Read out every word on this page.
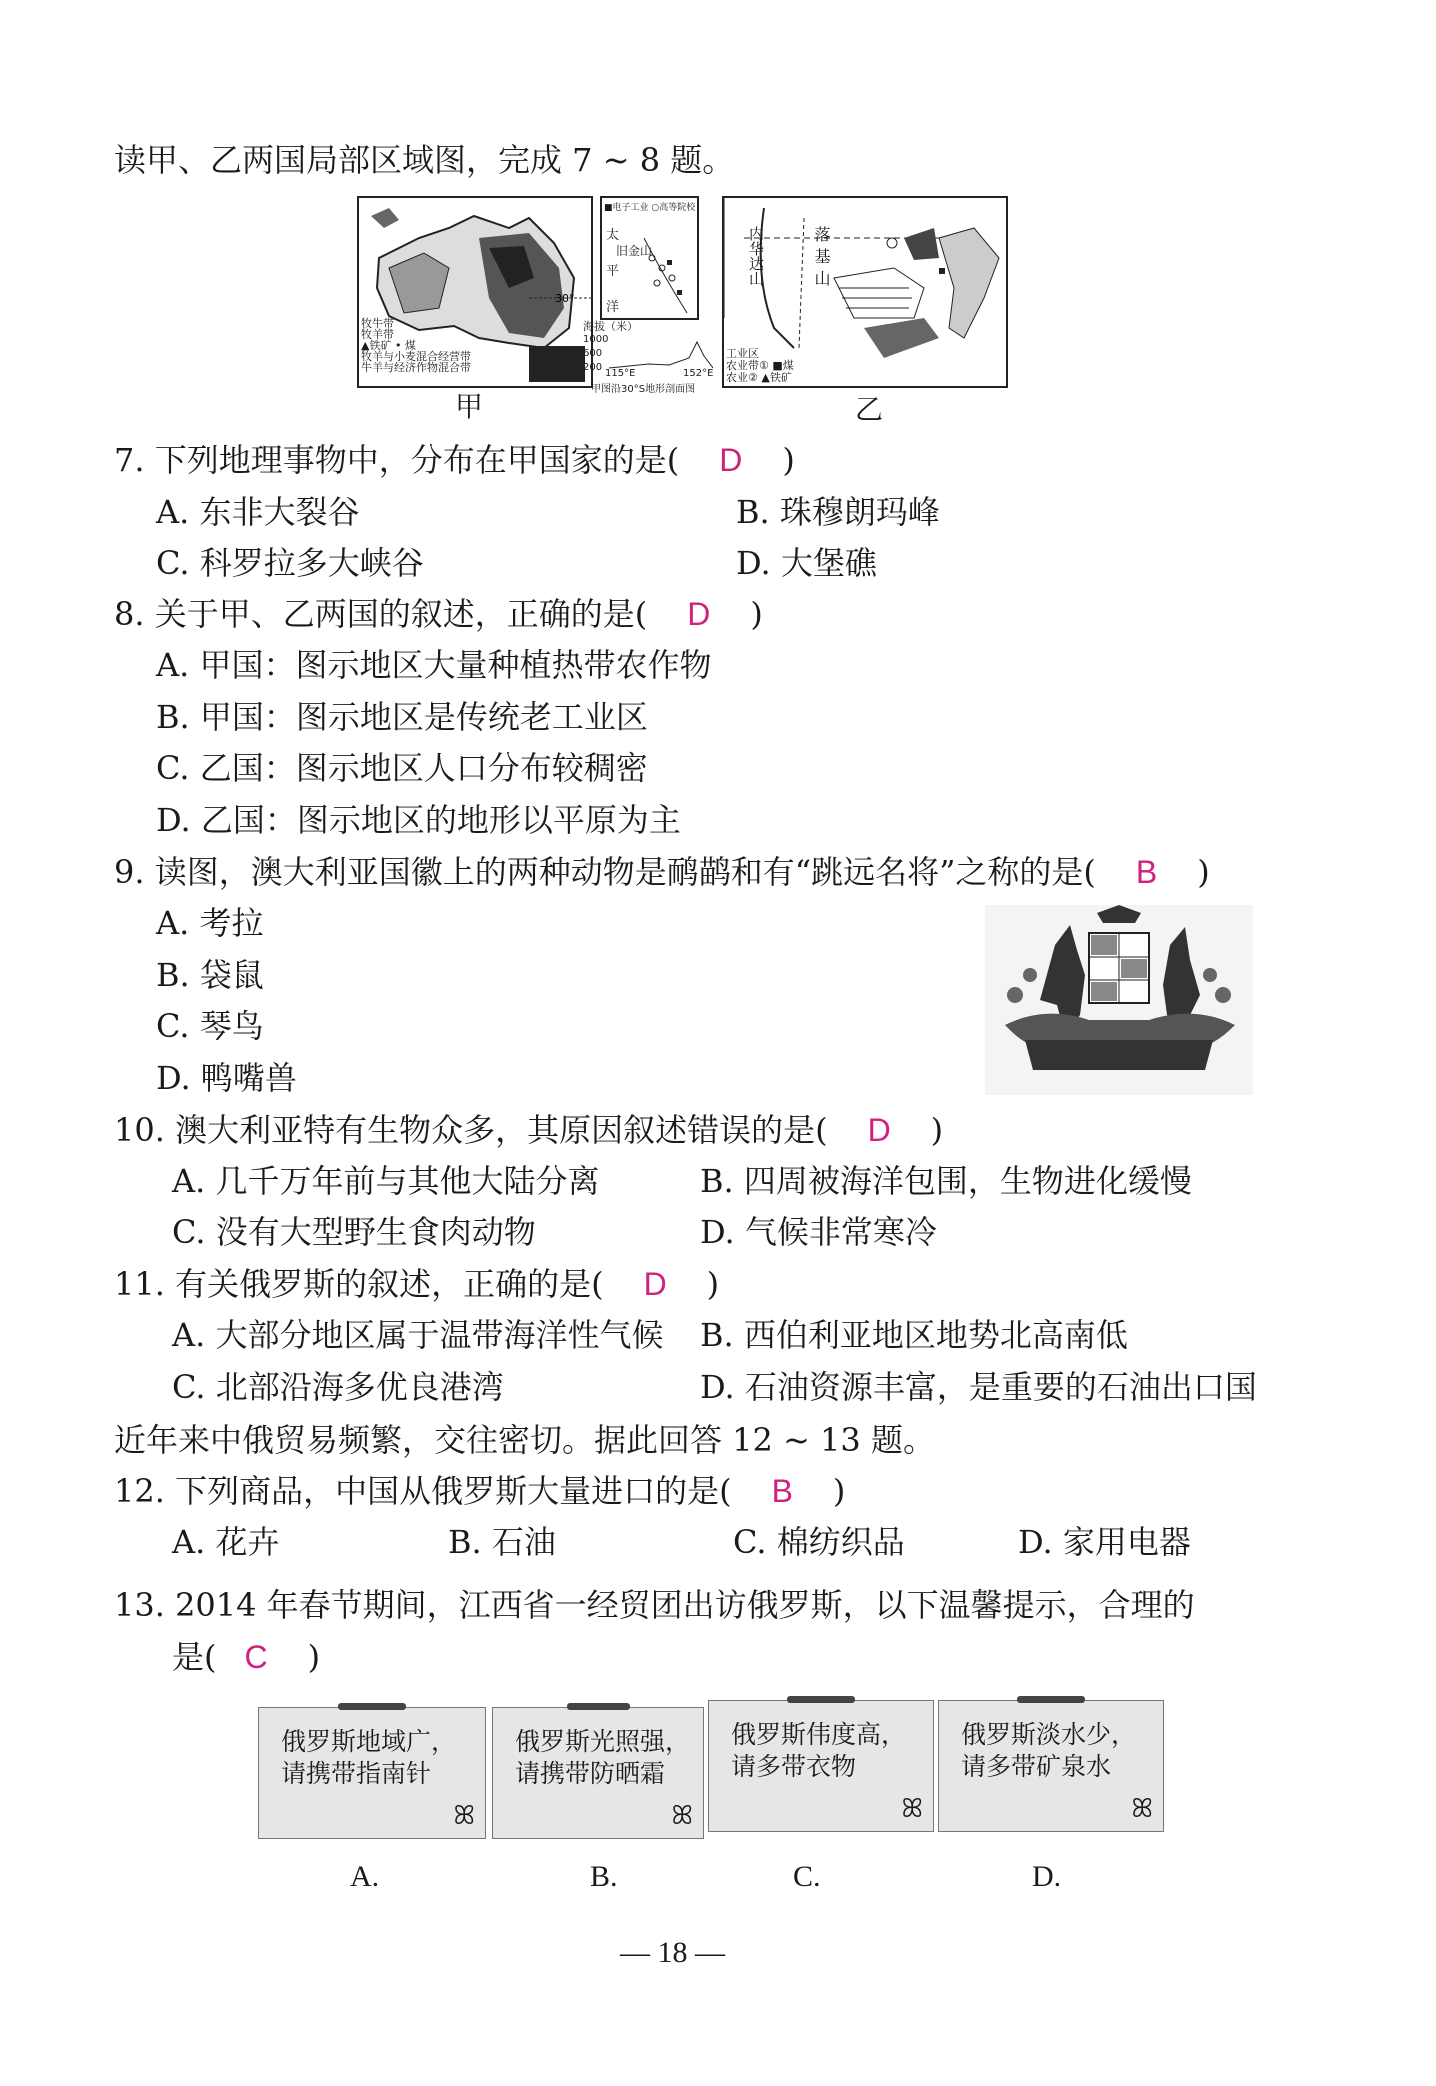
读甲、乙两国局部区域图，完成 7 ~ 8 题。
30°
牧牛带
牧羊带
▲铁矿 • 煤
牧羊与小麦混合经营带
牛羊与经济作物混合带
甲
■电子工业 ○高等院校
太
平
洋
旧金山
海拔（米）
1000
600
200
115°E	152°E
甲图沿30°S地形剖面图
内华达山	落基山
工业区
农业带① ■煤
农业② ▲铁矿
乙
7. 下列地理事物中，分布在甲国家的是( D )
A. 东非大裂谷	B. 珠穆朗玛峰
C. 科罗拉多大峡谷	D. 大堡礁
8. 关于甲、乙两国的叙述，正确的是( D )
A. 甲国：图示地区大量种植热带农作物
B. 甲国：图示地区是传统老工业区
C. 乙国：图示地区人口分布较稠密
D. 乙国：图示地区的地形以平原为主
9. 读图，澳大利亚国徽上的两种动物是鸸鹋和有“跳远名将”之称的是( B )
A. 考拉
B. 袋鼠
C. 琴鸟
D. 鸭嘴兽
10. 澳大利亚特有生物众多，其原因叙述错误的是( D )
A. 几千万年前与其他大陆分离	B. 四周被海洋包围，生物进化缓慢
C. 没有大型野生食肉动物	D. 气候非常寒冷
11. 有关俄罗斯的叙述，正确的是( D )
A. 大部分地区属于温带海洋性气候 B. 西伯利亚地区地势北高南低
C. 北部沿海多优良港湾	D. 石油资源丰富，是重要的石油出口国
近年来中俄贸易频繁，交往密切。据此回答 12 ~ 13 题。
12. 下列商品，中国从俄罗斯大量进口的是( B )
A. 花卉	B. 石油	C. 棉纺织品	D. 家用电器
13. 2014 年春节期间，江西省一经贸团出访俄罗斯，以下温馨提示，合理的
是( C )
俄罗斯地域广，
请携带指南针
ꕤ
俄罗斯光照强，
请携带防晒霜
ꕤ
俄罗斯伟度高，
请多带衣物
ꕤ
俄罗斯淡水少，
请多带矿泉水
ꕤ
A.	B.	C.	D.
— 18 —
